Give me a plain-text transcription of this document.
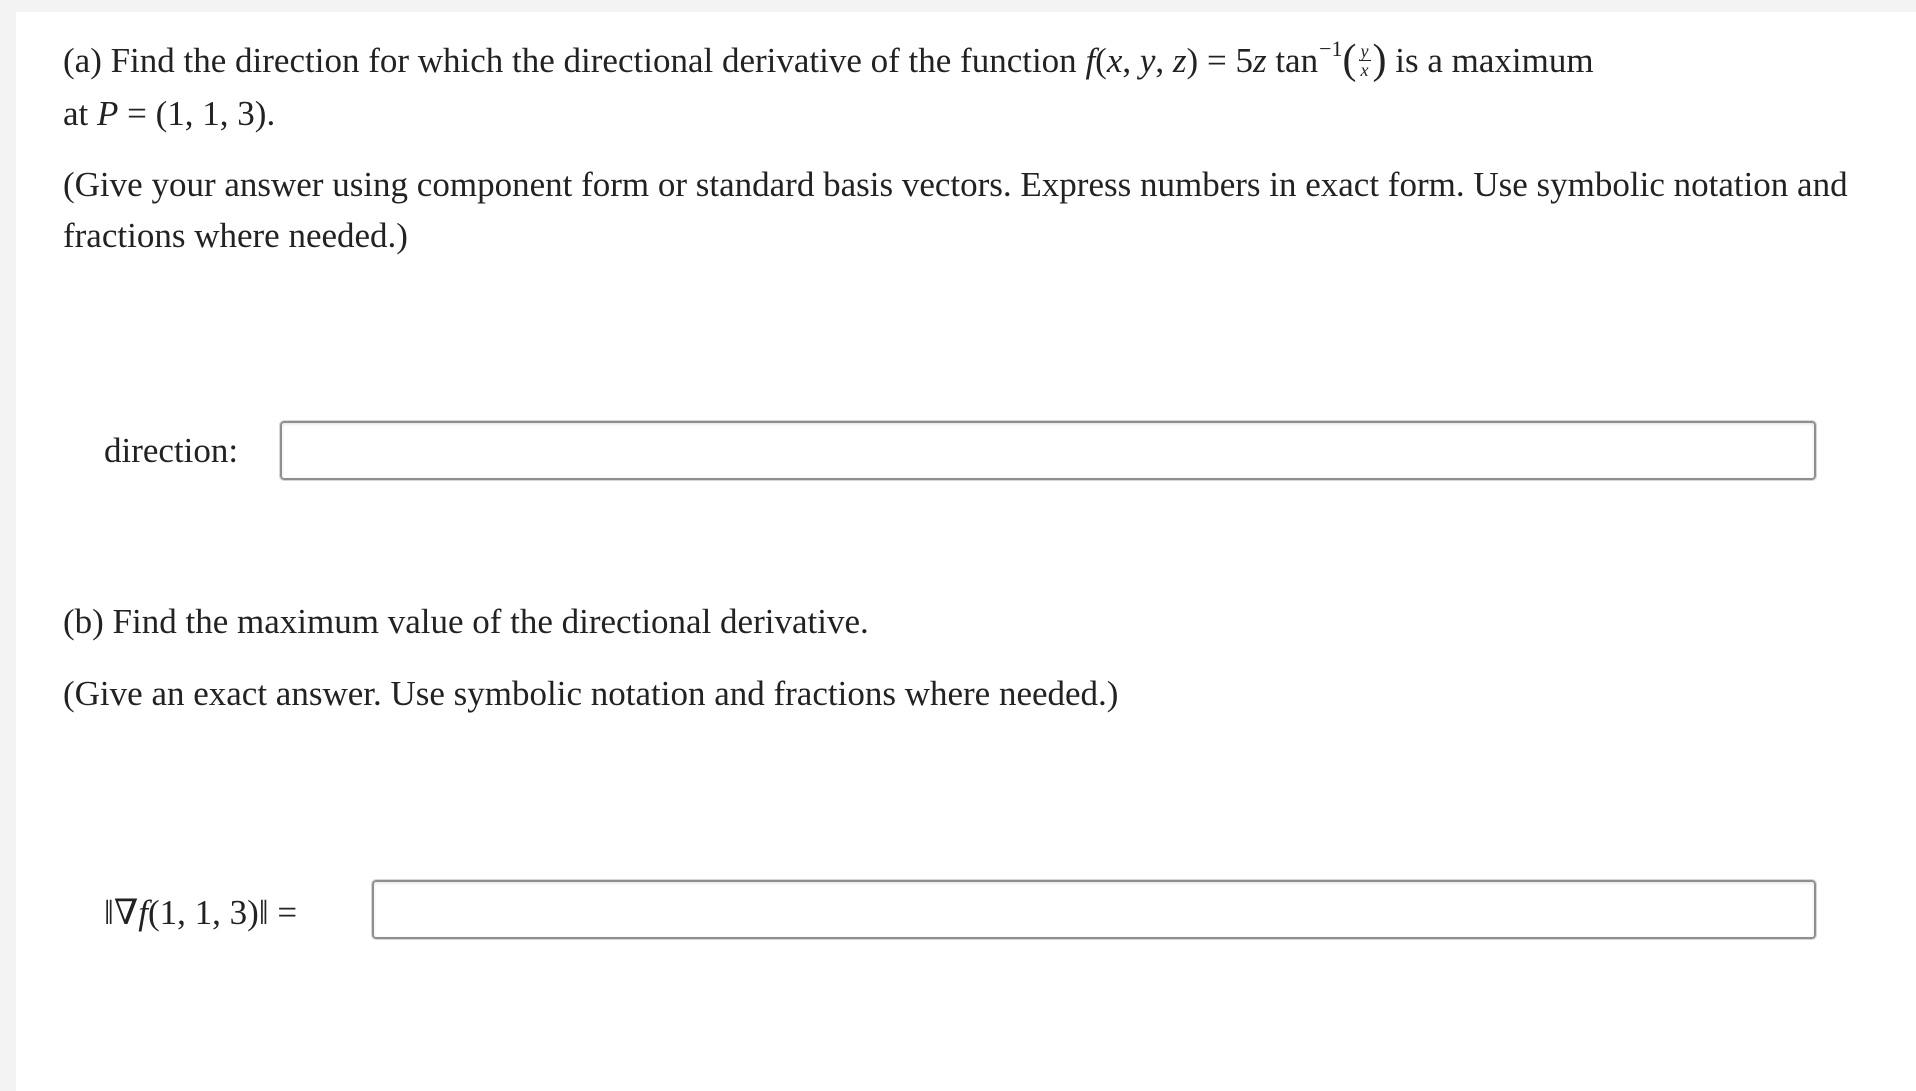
(a) Find the direction for which the directional derivative of the function f(x, y, z) = 5z $\tan^{-1}( \frac{y}{x}$ ) is a maximum
at P = (1, 1, 3).
(Give your answer using component form or standard basis vectors. Express numbers in exact form. Use symbolic notation and
fractions where needed.)
direction:
(b) Find the maximum value of the directional derivative.
(Give an exact answer. Use symbolic notation and fractions where needed.)
‖∇f(1, 1, 3)‖ =
